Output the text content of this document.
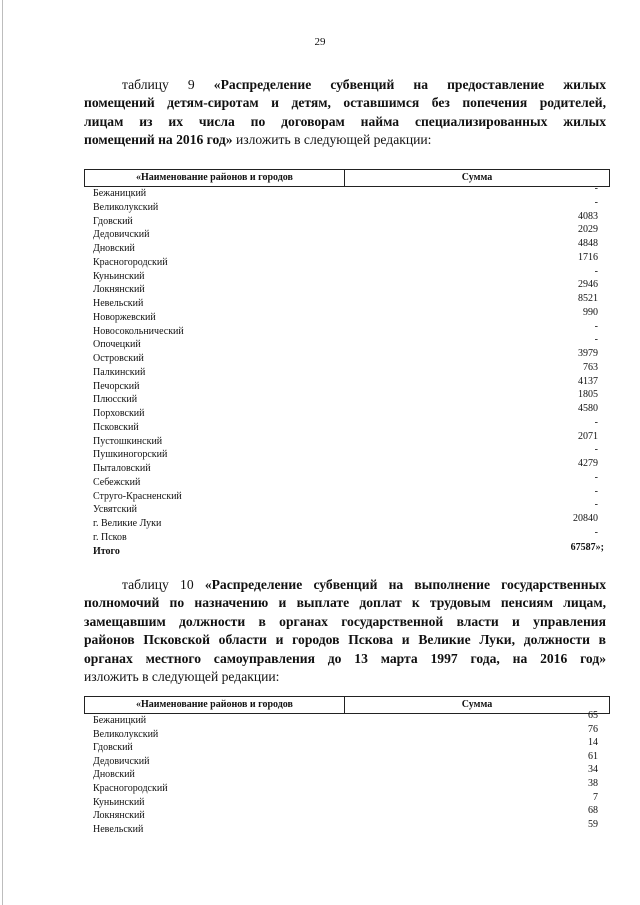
29

таблицу 9 «Распределение субвенций на предоставление жилых
помещений детям-сиротам и детям, оставшимся без попечения родителей,
лицам из их числа по договорам найма специализированных жилых
помещений на 2016 год» изложить в следующей редакции:

«Наименование районов и городов	Сумма
Бежаницкий	-
Великолукский	-
Гдовский	4083
Дедовичский	2029
Дновский	4848
Красногородский	1716
Куньинский	-
Локнянский	2946
Невельский	8521
Новоржевский	990
Новосокольнический	-
Опочецкий	-
Островский	3979
Палкинский	763
Печорский	4137
Плюсский	1805
Порховский	4580
Псковский	-
Пустошкинский	2071
Пушкиногорский	-
Пыталовский	4279
Себежский	-
Струго-Красненский	-
Усвятский	-
г. Великие Луки	20840
г. Псков	-
Итого	67587»;

таблицу 10 «Распределение субвенций на выполнение государственных
полномочий по назначению и выплате доплат к трудовым пенсиям лицам,
замещавшим должности в органах государственной власти и управления
районов Псковской области и городов Пскова и Великие Луки, должности в
органах местного самоуправления до 13 марта 1997 года, на 2016 год»
изложить в следующей редакции:

«Наименование районов и городов	Сумма
Бежаницкий	65
Великолукский	76
Гдовский	14
Дедовичский	61
Дновский	34
Красногородский	38
Куньинский	7
Локнянский	68
Невельский	59
